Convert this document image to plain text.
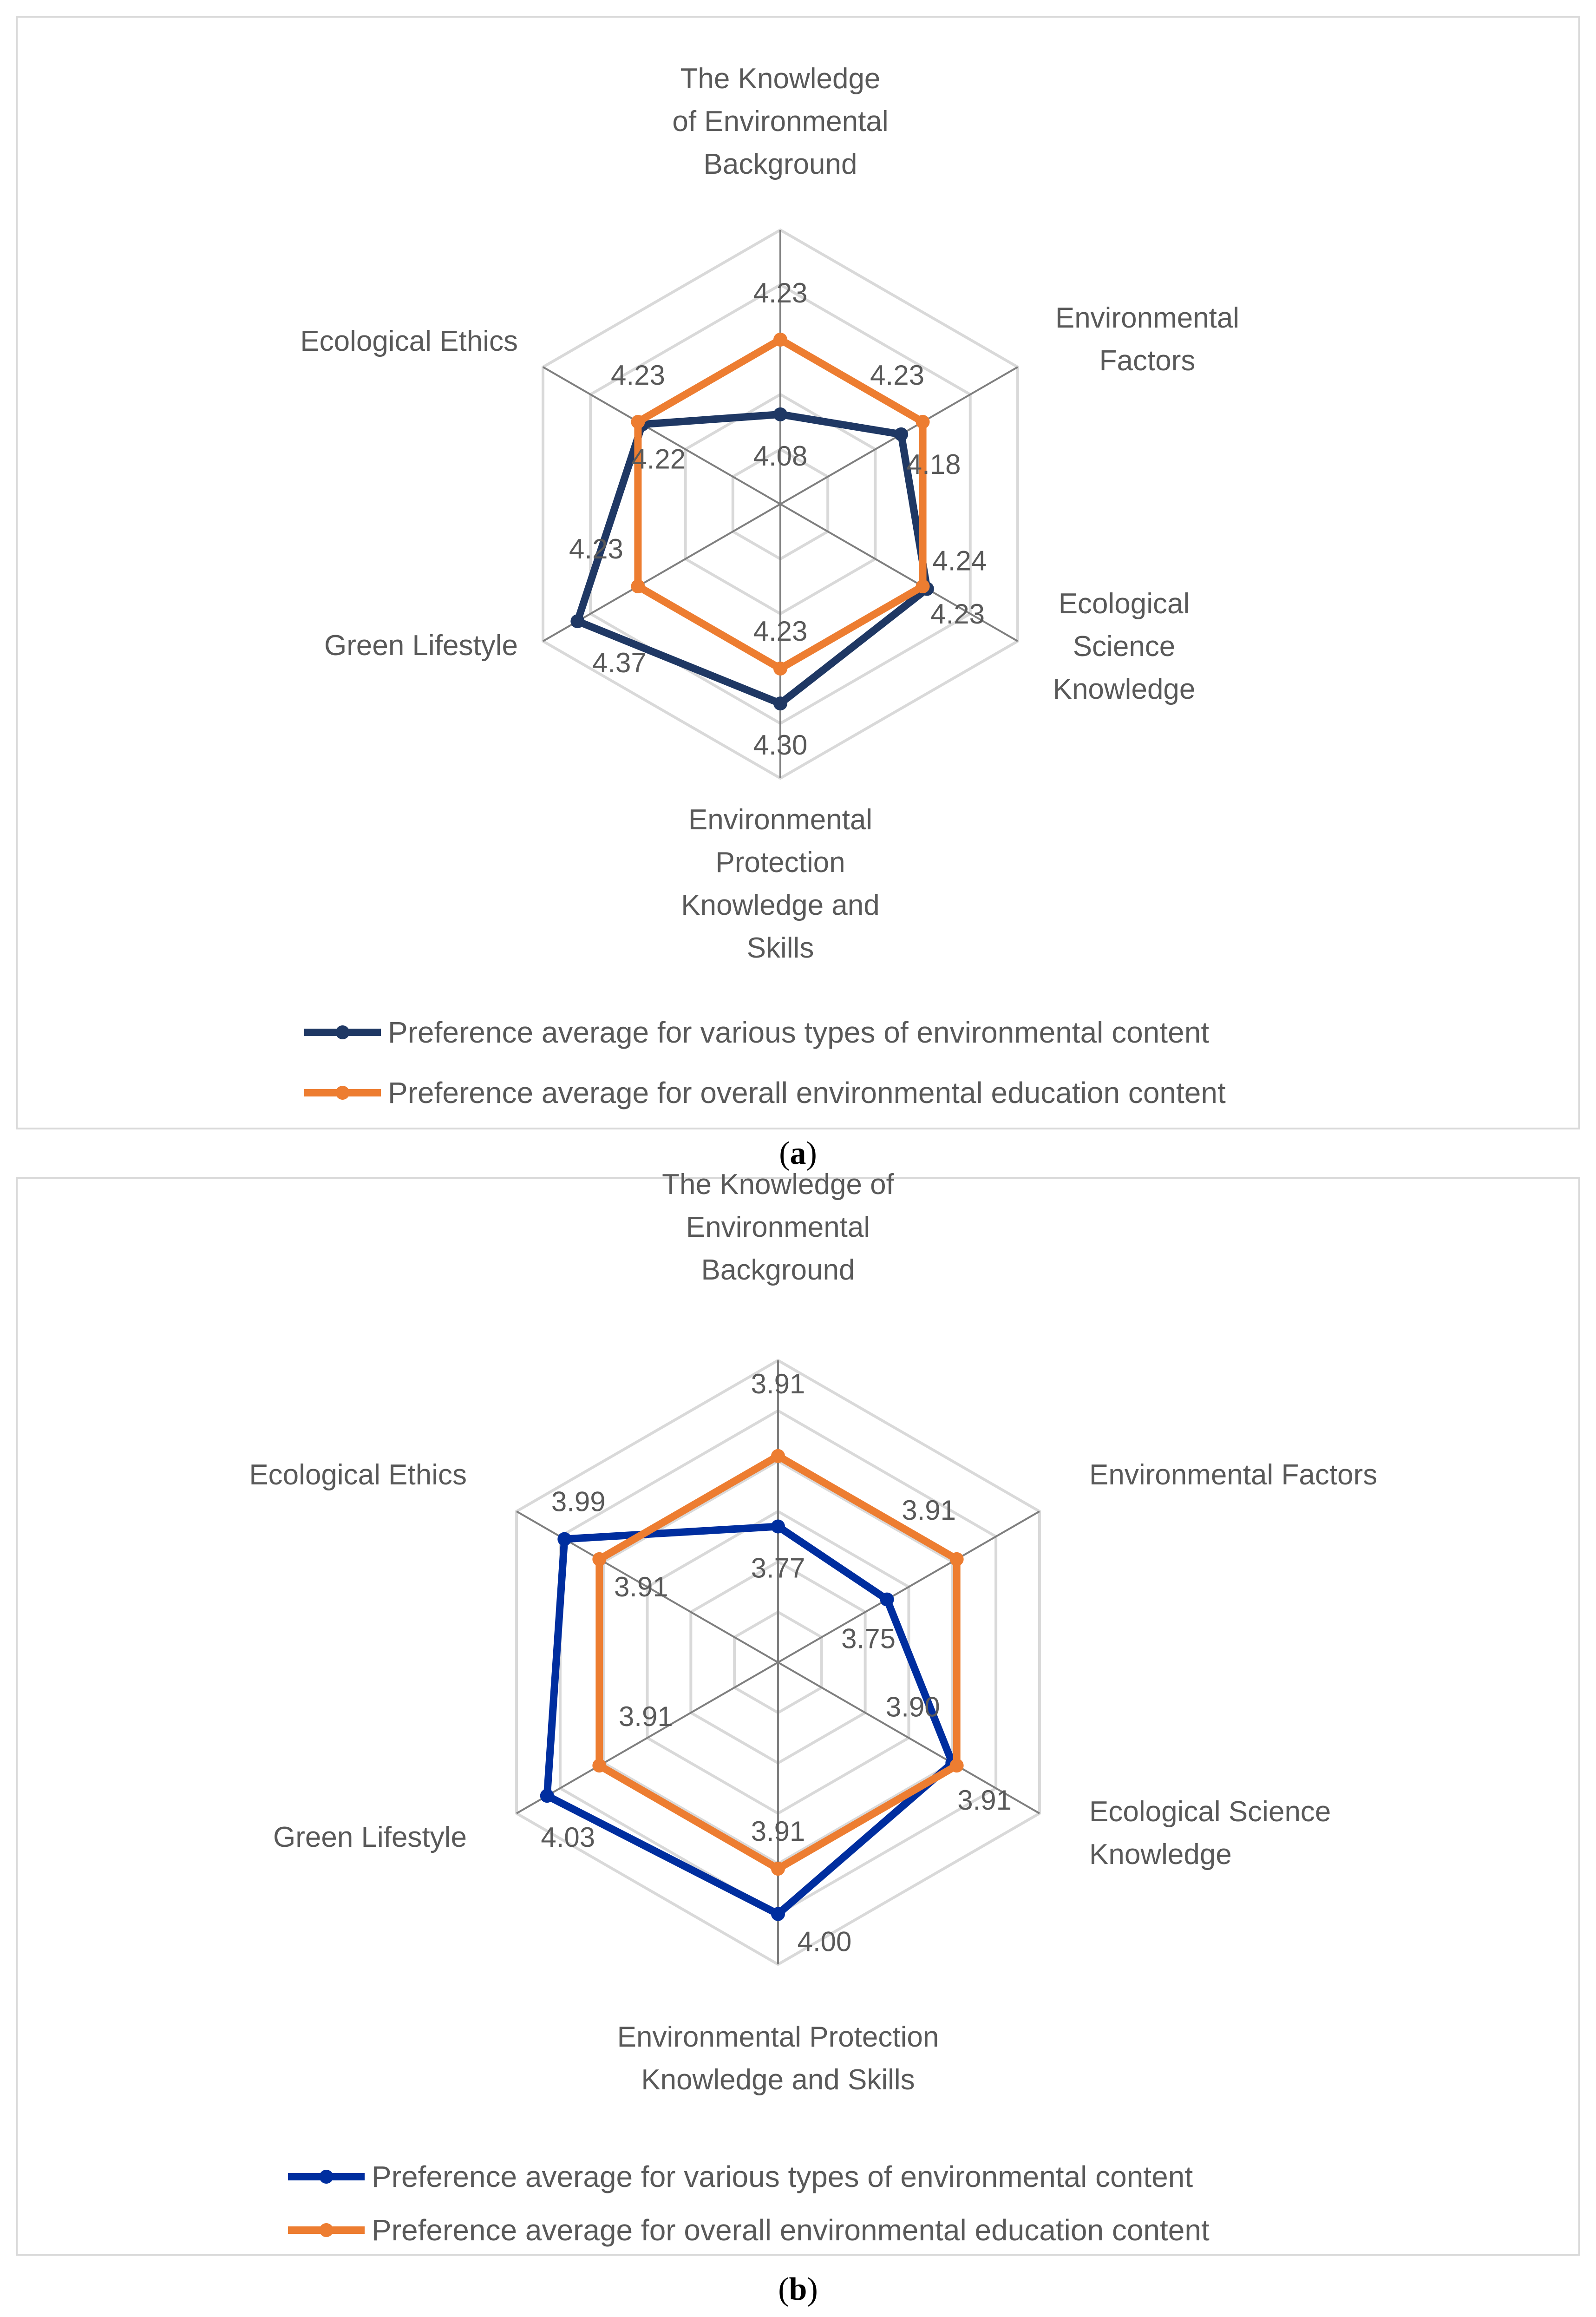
The Knowledge of Environmental Background
Environmental Factors
Ecological Science Knowledge
Environmental Protection Knowledge and Skills
Green Lifestyle
Ecological Ethics
4.08	4.18
4.24
4.30
4.37
4.22
4.23
4.23
4.23
4.23
4.23
4.23
Preference average for various types of environmental content
Preference average for overall environmental education content
(a)
The Knowledge of Environmental Background
Environmental Factors
Ecological Science Knowledge
Environmental Protection Knowledge and Skills
Green Lifestyle
Ecological Ethics
3.77
3.75
3.90
4.00
4.03
3.99
3.91
3.91
3.91
3.91
3.91
3.91
Preference average for various types of environmental content
Preference average for overall environmental education content
(b)
